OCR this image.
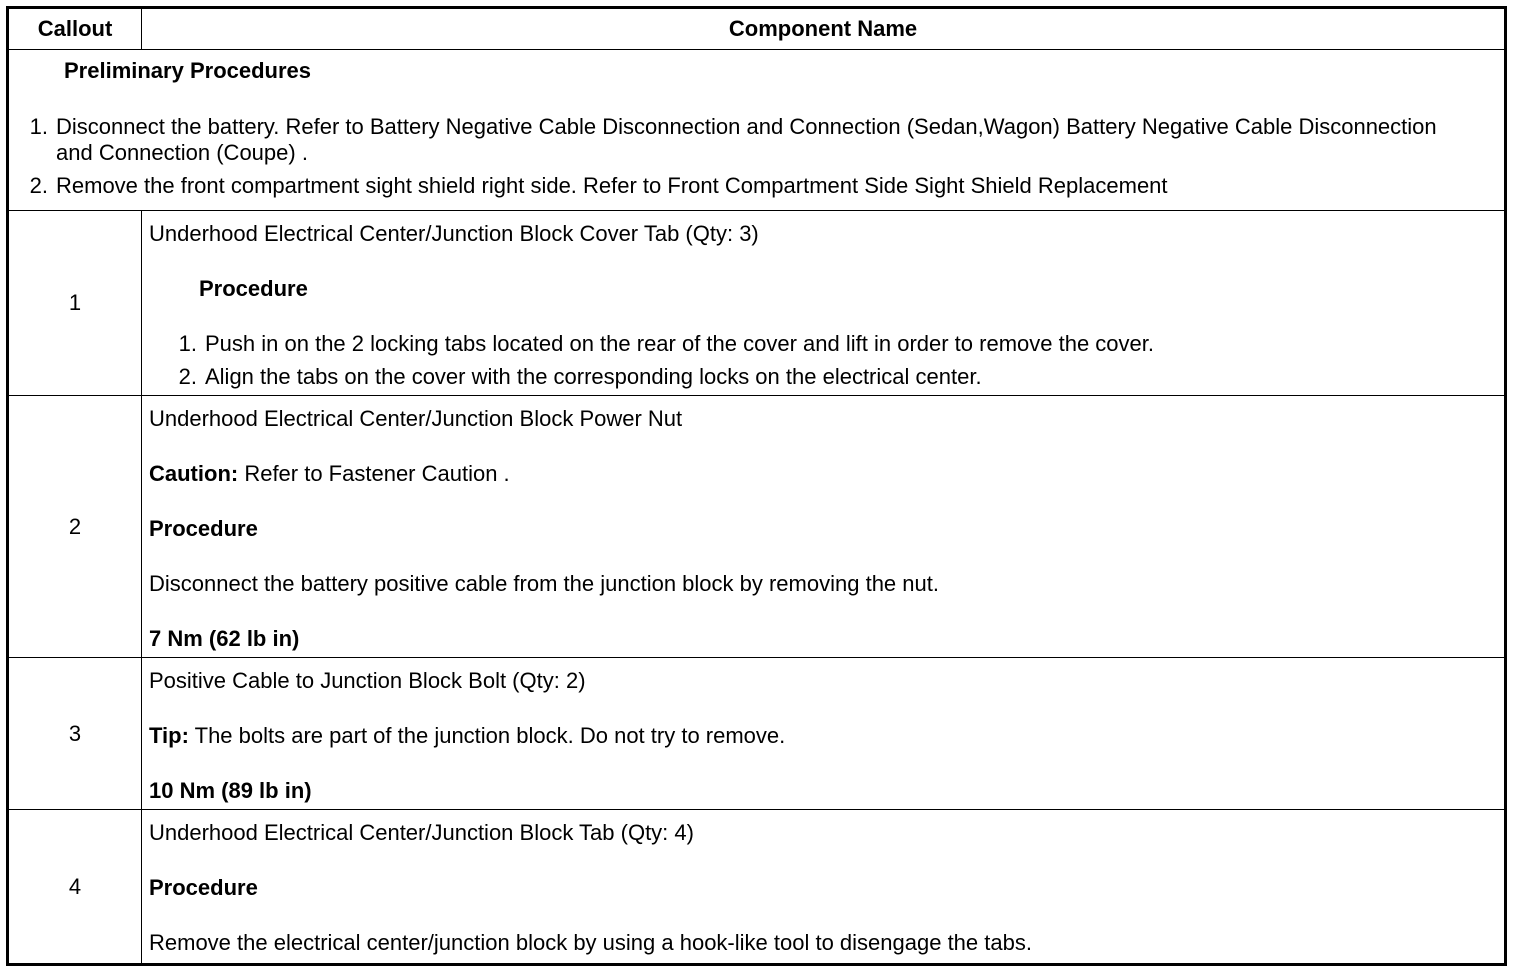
Callout	Component Name
Preliminary Procedures
1. Disconnect the battery. Refer to Battery Negative Cable Disconnection and Connection (Sedan,Wagon) Battery Negative Cable Disconnection and Connection (Coupe) .
2. Remove the front compartment sight shield right side. Refer to Front Compartment Side Sight Shield Replacement
1
Underhood Electrical Center/Junction Block Cover Tab (Qty: 3)
Procedure
1. Push in on the 2 locking tabs located on the rear of the cover and lift in order to remove the cover.
2. Align the tabs on the cover with the corresponding locks on the electrical center.
2
Underhood Electrical Center/Junction Block Power Nut
Caution: Refer to Fastener Caution .
Procedure
Disconnect the battery positive cable from the junction block by removing the nut.
7 Nm (62 lb in)
3
Positive Cable to Junction Block Bolt (Qty: 2)
Tip: The bolts are part of the junction block. Do not try to remove.
10 Nm (89 lb in)
4
Underhood Electrical Center/Junction Block Tab (Qty: 4)
Procedure
Remove the electrical center/junction block by using a hook-like tool to disengage the tabs.
